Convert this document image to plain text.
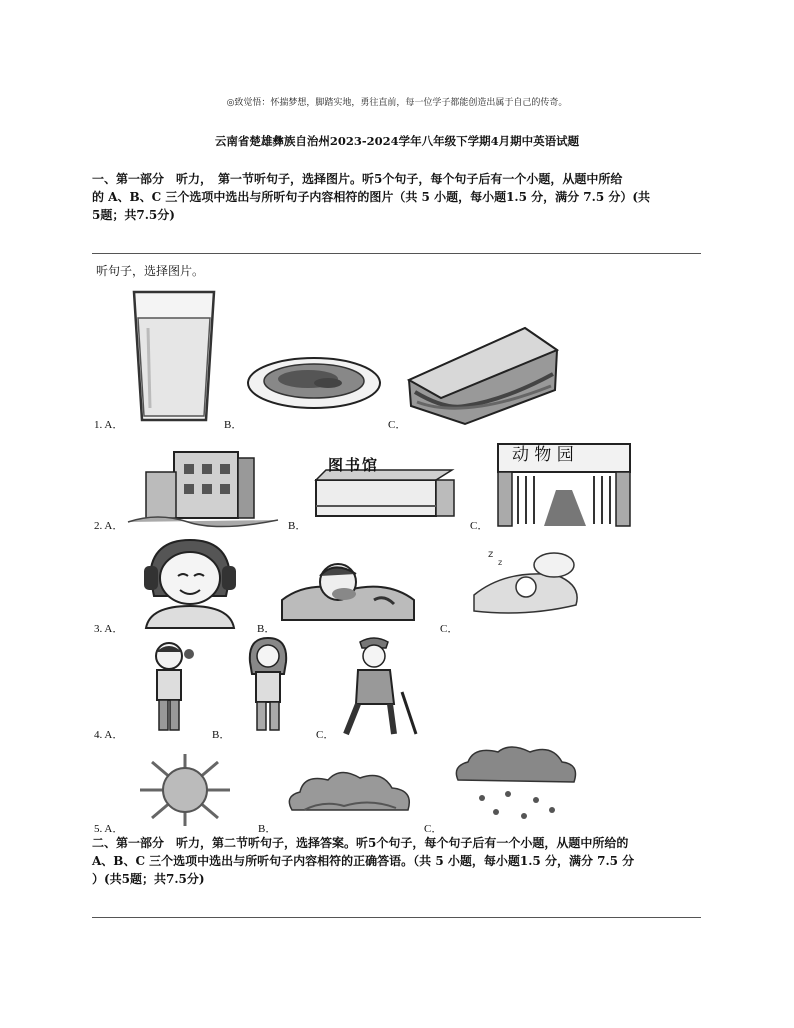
◎致觉悟：怀揣梦想，脚踏实地，勇往直前，每一位学子都能创造出属于自己的传奇。
云南省楚雄彝族自治州2023-2024学年八年级下学期4月期中英语试题
一、第一部分　听力，　第一节听句子，选择图片。听5个句子，每个句子后有一个小题，从题中所给
的 A、B、C 三个选项中选出与所听句子内容相符的图片（共 5 小题，每小题1.5 分，满分 7.5 分）(共
5题；共7.5分)
听句子，选择图片。
1. A．	B．	C．
2. A．	B．	C．
图书馆	动 物 园
3. A．	B．	C．
z
z
4. A．	B．	C．
5. A．	B．	C．
二、第一部分　听力，第二节听句子，选择答案。听5个句子，每个句子后有一个小题，从题中所给的
A、B、C 三个选项中选出与所听句子内容相符的正确答语。（共 5 小题，每小题1.5 分，满分 7.5 分
）(共5题；共7.5分)
